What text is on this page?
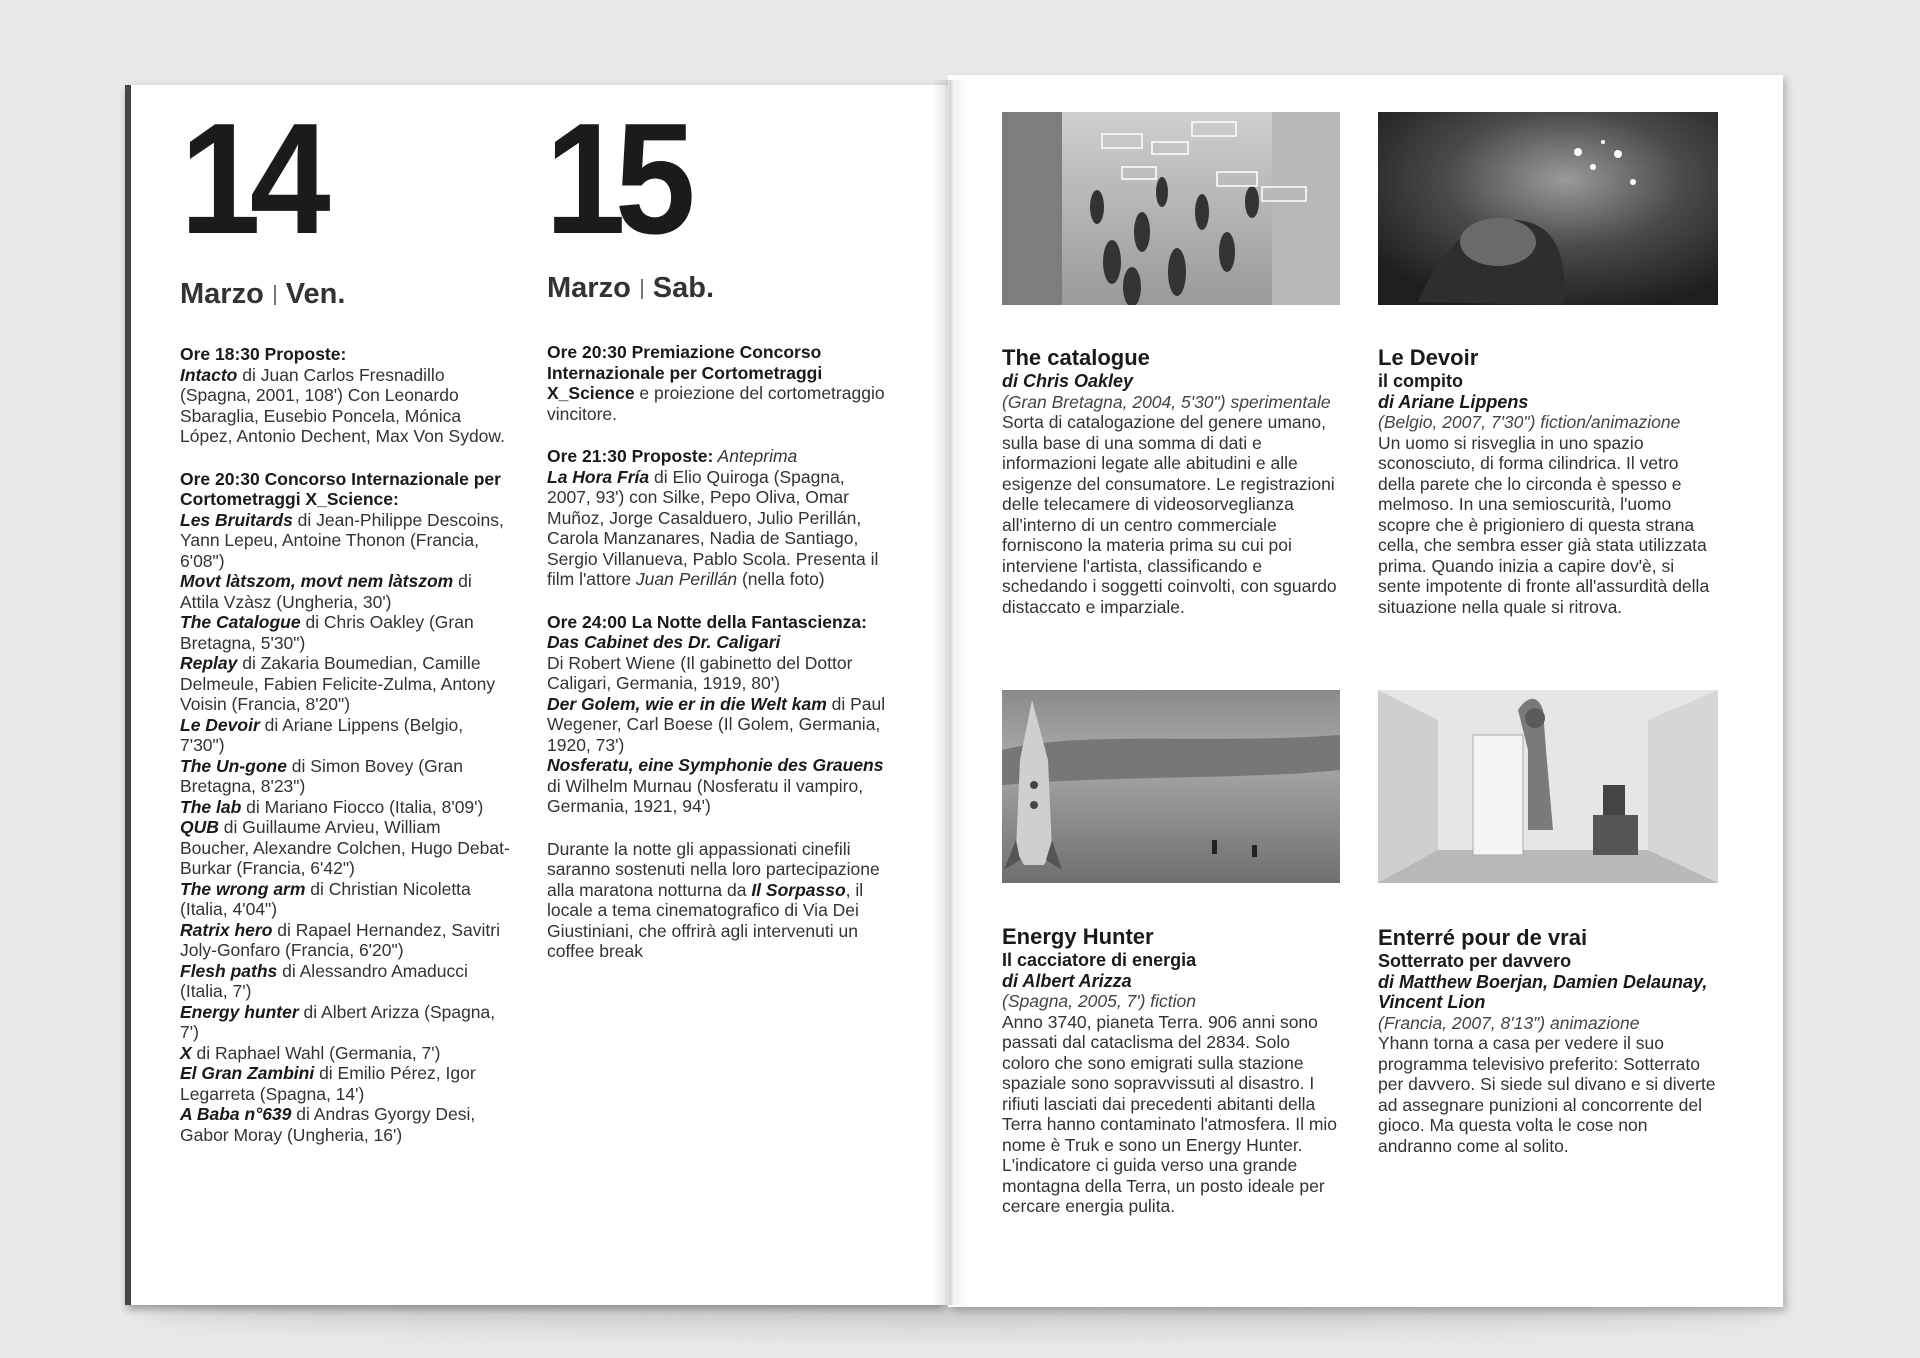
14
Marzo Ven.
15
Marzo Sab.

Ore 18:30 Proposte:

Intacto di Juan Carlos Fresnadillo (Spagna, 2001, 108') Con Leonardo Sbaraglia, Eusebio Poncela, Mónica López, Antonio Dechent, Max Von Sydow.

Ore 20:30 Concorso Internazionale per Cortometraggi X_Science:

Les Bruitards di Jean-Philippe Descoins, Yann Lepeu, Antoine Thonon (Francia, 6'08")

Movt làtszom, movt nem làtszom di Attila Vzàsz (Ungheria, 30')

The Catalogue di Chris Oakley (Gran Bretagna, 5'30")

Replay di Zakaria Boumedian, Camille Delmeule, Fabien Felicite-Zulma, Antony Voisin (Francia, 8'20")

Le Devoir di Ariane Lippens (Belgio, 7'30")

The Un-gone di Simon Bovey (Gran Bretagna, 8'23")

The lab di Mariano Fiocco (Italia, 8'09')

QUB di Guillaume Arvieu, William Boucher, Alexandre Colchen, Hugo Debat-Burkar (Francia, 6'42")

The wrong arm di Christian Nicoletta (Italia, 4'04")

Ratrix hero di Rapael Hernandez, Savitri Joly-Gonfaro (Francia, 6'20")

Flesh paths di Alessandro Amaducci (Italia, 7')

Energy hunter di Albert Arizza (Spagna, 7')

X di Raphael Wahl (Germania, 7')

El Gran Zambini di Emilio Pérez, Igor Legarreta (Spagna, 14')

A Baba n°639 di Andras Gyorgy Desi, Gabor Moray (Ungheria, 16')

Ore 20:30 Premiazione Concorso Internazionale per Cortometraggi X_Science e proiezione del cortometraggio vincitore.

Ore 21:30 Proposte: Anteprima

La Hora Fría di Elio Quiroga (Spagna, 2007, 93') con Silke, Pepo Oliva, Omar Muñoz, Jorge Casalduero, Julio Perillán, Carola Manzanares, Nadia de Santiago, Sergio Villanueva, Pablo Scola. Presenta il film l'attore Juan Perillán (nella foto)

Ore 24:00 La Notte della Fantascienza:

Das Cabinet des Dr. Caligari

Di Robert Wiene (Il gabinetto del Dottor Caligari, Germania, 1919, 80')

Der Golem, wie er in die Welt kam di Paul Wegener, Carl Boese (Il Golem, Germania, 1920, 73')

Nosferatu, eine Symphonie des Grauens di Wilhelm Murnau (Nosferatu il vampiro, Germania, 1921, 94')

Durante la notte gli appassionati cinefili saranno sostenuti nella loro partecipazione alla maratona notturna da Il Sorpasso, il locale a tema cinematografico di Via Dei Giustiniani, che offrirà agli intervenuti un coffee break

The catalogue
di Chris Oakley
(Gran Bretagna, 2004, 5'30") sperimentale
Sorta di catalogazione del genere umano, sulla base di una somma di dati e informazioni legate alle abitudini e alle esigenze del consumatore. Le registrazioni delle telecamere di videosorveglianza all'interno di un centro commerciale forniscono la materia prima su cui poi interviene l'artista, classificando e schedando i soggetti coinvolti, con sguardo distaccato e imparziale.
Le Devoir
il compito
di Ariane Lippens
(Belgio, 2007, 7'30") fiction/animazione
Un uomo si risveglia in uno spazio sconosciuto, di forma cilindrica. Il vetro della parete che lo circonda è spesso e melmoso. In una semioscurità, l'uomo scopre che è prigioniero di questa strana cella, che sembra esser già stata utilizzata prima. Quando inizia a capire dov'è, si sente impotente di fronte all'assurdità della situazione nella quale si ritrova.
Energy Hunter
Il cacciatore di energia
di Albert Arizza
(Spagna, 2005, 7') fiction
Anno 3740, pianeta Terra. 906 anni sono passati dal cataclisma del 2834. Solo coloro che sono emigrati sulla stazione spaziale sono sopravvissuti al disastro. I rifiuti lasciati dai precedenti abitanti della Terra hanno contaminato l'atmosfera. Il mio nome è Truk e sono un Energy Hunter. L'indicatore ci guida verso una grande montagna della Terra, un posto ideale per cercare energia pulita.
Enterré pour de vrai
Sotterrato per davvero
di Matthew Boerjan, Damien Delaunay, Vincent Lion
(Francia, 2007, 8'13") animazione
Yhann torna a casa per vedere il suo programma televisivo preferito: Sotterrato per davvero. Si siede sul divano e si diverte ad assegnare punizioni al concorrente del gioco. Ma questa volta le cose non andranno come al solito.
